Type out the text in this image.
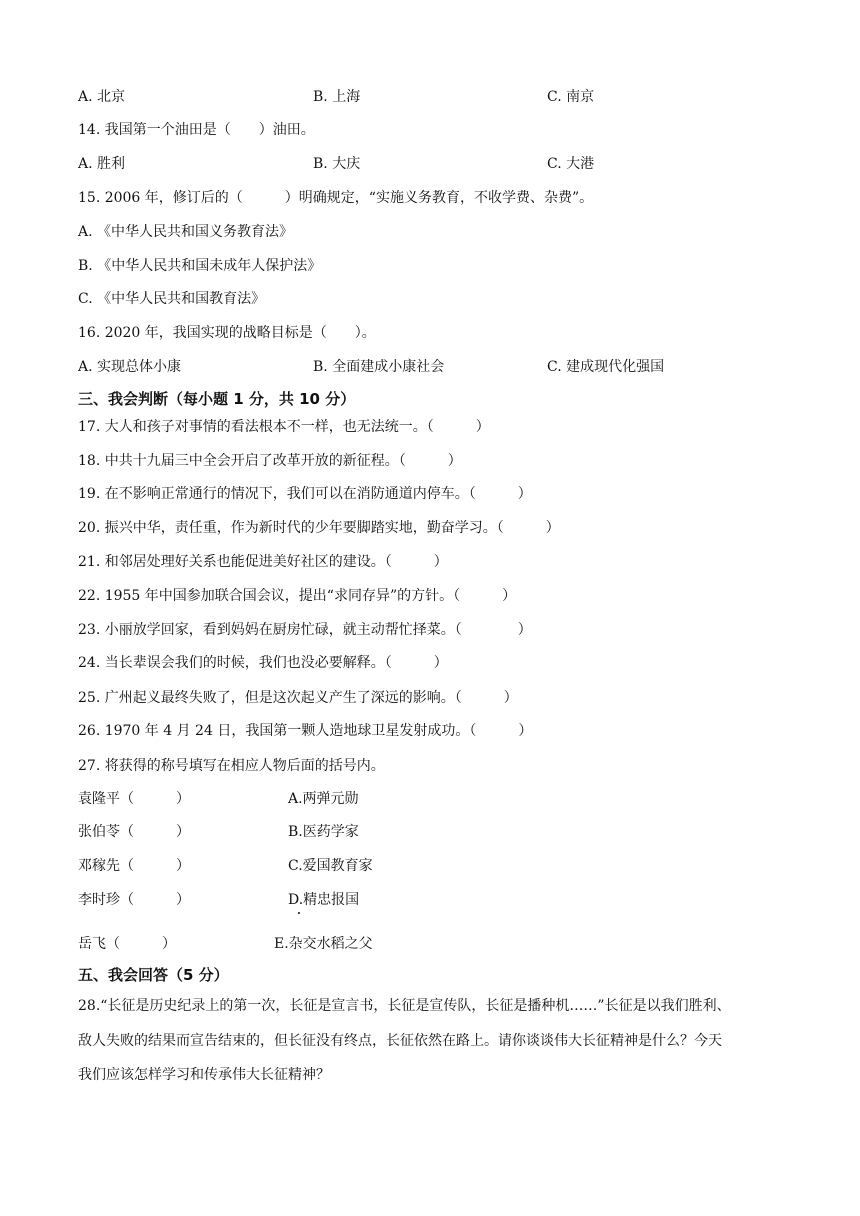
A. 北京	B. 上海	C. 南京
14. 我国第一个油田是（　　）油田。
A. 胜利	B. 大庆	C. 大港
15. 2006 年，修订后的（　　　）明确规定，“实施义务教育，不收学费、杂费”。
A. 《中华人民共和国义务教育法》
B. 《中华人民共和国未成年人保护法》
C. 《中华人民共和国教育法》
16. 2020 年，我国实现的战略目标是（　　）。
A. 实现总体小康	B. 全面建成小康社会	C. 建成现代化强国
三、我会判断（每小题 1 分，共 10 分）
17. 大人和孩子对事情的看法根本不一样，也无法统一。（　　　）
18. 中共十九届三中全会开启了改革开放的新征程。（　　　）
19. 在不影响正常通行的情况下，我们可以在消防通道内停车。（　　　）
20. 振兴中华，责任重，作为新时代的少年要脚踏实地，勤奋学习。（　　　）
21. 和邻居处理好关系也能促进美好社区的建设。（　　　）
22. 1955 年中国参加联合国会议，提出“求同存异”的方针。（　　　）
23. 小丽放学回家，看到妈妈在厨房忙碌，就主动帮忙择菜。（　　　　）
24. 当长辈误会我们的时候，我们也没必要解释。（　　　）
25. 广州起义最终失败了，但是这次起义产生了深远的影响。（　　　）
26. 1970 年 4 月 24 日，我国第一颗人造地球卫星发射成功。（　　　）
27. 将获得的称号填写在相应人物后面的括号内。
袁隆平（　　　）	A.两弹元勋
张伯苓（　　　）	B.医药学家
邓稼先（　　　）	C.爱国教育家
李时珍（　　　）	D.精忠报国
岳飞（　　　）	E.杂交水稻之父
五、我会回答（5 分）
28.“长征是历史纪录上的第一次，长征是宣言书，长征是宣传队，长征是播种机……”长征是以我们胜利、
敌人失败的结果而宣告结束的，但长征没有终点，长征依然在路上。请你谈谈伟大长征精神是什么？今天
我们应该怎样学习和传承伟大长征精神？
